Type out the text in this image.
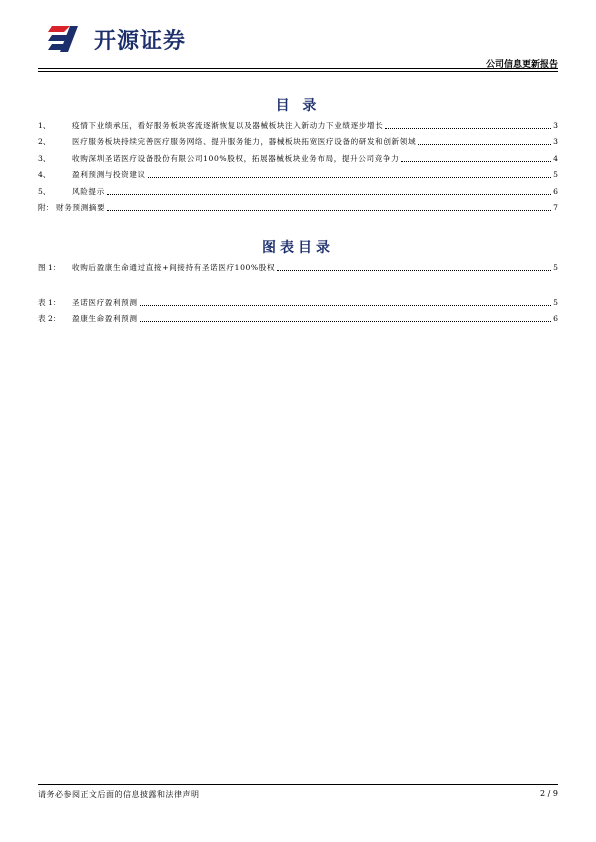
开源证券
公司信息更新报告
目 录
1、	疫情下业绩承压，看好服务板块客流逐渐恢复以及器械板块注入新动力下业绩逐步增长	3
2、	医疗服务板块持续完善医疗服务网络、提升服务能力，器械板块拓宽医疗设备的研发和创新领域	3
3、	收购深圳圣诺医疗设备股份有限公司100%股权，拓展器械板块业务布局，提升公司竞争力	4
4、	盈利预测与投资建议	5
5、	风险提示	6
附： 财务预测摘要	7
图表目录
图 1：	收购后盈康生命通过直接+间接持有圣诺医疗100%股权	5
表 1：	圣诺医疗盈利预测	5
表 2：	盈康生命盈利预测	6
请务必参阅正文后面的信息披露和法律声明	2 / 9
